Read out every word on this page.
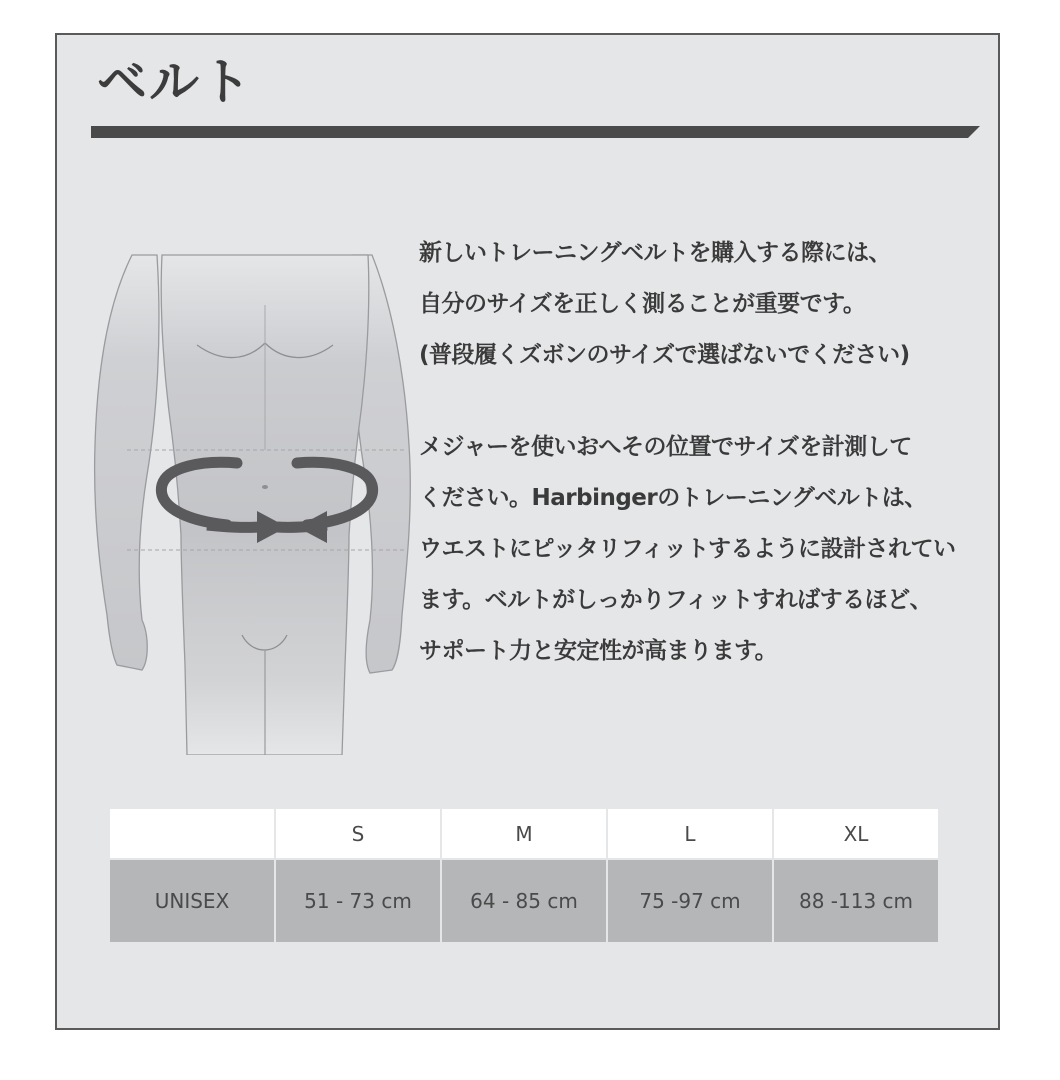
ベルト
新しいトレーニングベルトを購入する際には、
自分のサイズを正しく測ることが重要です。
(普段履くズボンのサイズで選ばないでください)
メジャーを使いおへその位置でサイズを計測して
ください。Harbingerのトレーニングベルトは、
ウエストにピッタリフィットするように設計されてい
ます。ベルトがしっかりフィットすればするほど、
サポート力と安定性が高まります。
	S	M	L	XL
UNISEX	51 - 73 cm	64 - 85 cm	75 -97 cm	88 -113 cm
